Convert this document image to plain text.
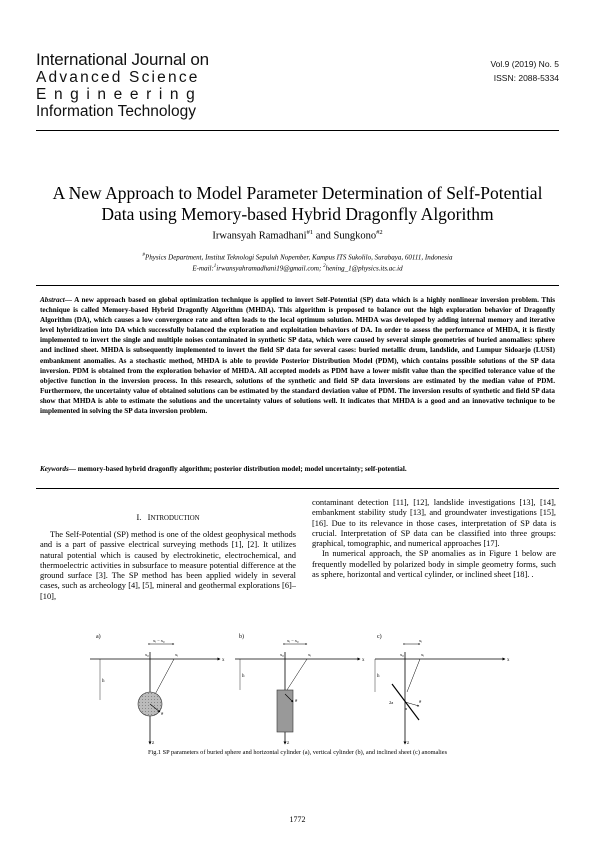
International Journal on
Advanced Science
Engineering
Information Technology
Vol.9 (2019) No. 5
ISSN: 2088-5334
A New Approach to Model Parameter Determination of Self-Potential
Data using Memory-based Hybrid Dragonfly Algorithm
Irwansyah Ramadhani$^{\#1}$ and Sungkono$^{\#2}$
#Physics Department, Institut Teknologi Sepuluh Nopember, Kampus ITS Sukolilo, Surabaya, 60111, Indonesia
E-mail:$^1$irwansyahramadhani19@gmail.com; $^2$hening_1@physics.its.ac.id
Abstract— A new approach based on global optimization technique is applied to invert Self-Potential (SP) data which is a highly nonlinear inversion problem. This technique is called Memory-based Hybrid Dragonfly Algorithm (MHDA). This algorithm is proposed to balance out the high exploration behavior of Dragonfly Algorithm (DA), which causes a low convergence rate and often leads to the local optimum solution. MHDA was developed by adding internal memory and iterative level hybridization into DA which successfully balanced the exploration and exploitation behaviors of DA. In order to assess the performance of MHDA, it is firstly implemented to invert the single and multiple noises contaminated in synthetic SP data, which were caused by several simple geometries of buried anomalies: sphere and inclined sheet. MHDA is subsequently implemented to invert the field SP data for several cases: buried metallic drum, landslide, and Lumpur Sidoarjo (LUSI) embankment anomalies. As a stochastic method, MHDA is able to provide Posterior Distribution Model (PDM), which contains possible solutions of the SP data inversion. PDM is obtained from the exploration behavior of MHDA. All accepted models as PDM have a lower misfit value than the specified tolerance value of the objective function in the inversion process. In this research, solutions of the synthetic and field SP data inversions are estimated by the median value of PDM. Furthermore, the uncertainty value of obtained solutions can be estimated by the standard deviation value of PDM. The inversion results of synthetic and field SP data show that MHDA is able to estimate the solutions and the uncertainty values of solutions well. It indicates that MHDA is a good and an innovative technique to be implemented in solving the SP data inversion problem.
Keywords— memory-based hybrid dragonfly algorithm; posterior distribution model; model uncertainty; self-potential.
I. INTRODUCTION

The Self-Potential (SP) method is one of the oldest geophysical methods and is a part of passive electrical surveying methods [1], [2]. It utilizes natural potential which is caused by electrokinetic, electrochemical, and thermoelectric activities in subsurface to measure potential difference at the ground surface [3]. The SP method has been applied widely in several cases, such as archeology [4], [5], mineral and geothermal explorations [6]–[10],

contaminant detection [11], [12], landslide investigations [13], [14], embankment stability study [13], and groundwater investigations [15], [16]. Due to its relevance in those cases, interpretation of SP data is crucial. Interpretation of SP data can be classified into three groups: graphical, tomographic, and numerical approaches [17].

In numerical approach, the SP anomalies as in Figure 1 below are frequently modelled by polarized body in simple geometry forms, such as sphere, horizontal and vertical cylinder, or inclined sheet [18]. .

a)
x
z
xᵢ − x₀
x₀	xᵢ
h
θ
b)
x
z
xᵢ − x₀
x₀	xᵢ
h
θ
c)
x
z
xᵢ
x₀	xᵢ
h
θ
2a
a
Fig.1 SP parameters of buried sphere and horizontal cylinder (a), vertical cylinder (b), and inclined sheet (c) anomalies
1772
